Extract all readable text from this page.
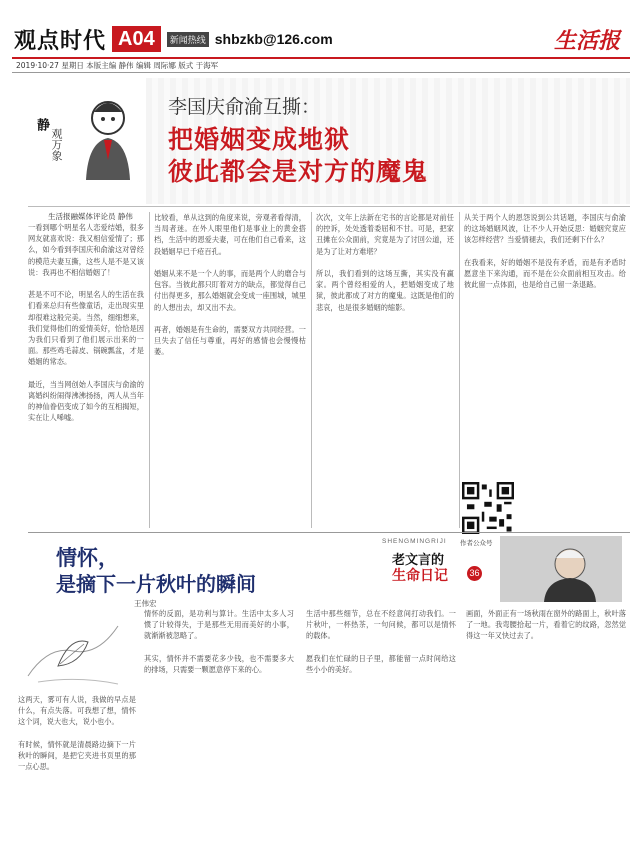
观点时代 A04	新闻热线 shbzkb@126.com	生活报
2019·10·27 星期日 本版主编 静伟 编辑 周际娜 版式 于海军
静
观万象
李国庆俞渝互撕：
把婚姻变成地狱
彼此都会是对方的魔鬼
生活报融媒体评论员 静伟
一看到哪个明星名人恋爱结婚，很多网友就喜欢说：我又相信爱情了；那么，如今看到李国庆和俞渝这对曾经的模范夫妻互撕，这些人是不是又该说：我再也不相信婚姻了！

甚是不可不论，明星名人的生活在我们看来总归有些像童话，走出现实里却很难这般完美。当然，细细想来，我们觉得他们的爱情美好，恰恰是因为我们只看到了他们展示出来的一面。那些鸡毛蒜皮、锅碗瓢盆，才是婚姻的常态。

最近，当当网创始人李国庆与俞渝的离婚纠纷闹得沸沸扬扬，两人从当年的神仙眷侣变成了如今的互相揭短，实在让人唏嘘。
比较看，单从这到的角度来说，旁观者看得清，当局者迷。在外人眼里他们是事业上的黄金搭档，生活中的恩爱夫妻，可在他们自己看来，这段婚姻早已千疮百孔。

婚姻从来不是一个人的事，而是两个人的磨合与包容。当彼此都只盯着对方的缺点，都觉得自己付出得更多，那么婚姻就会变成一座围城，城里的人想出去，却又出不去。

再者，婚姻是有生命的，需要双方共同经营。一旦失去了信任与尊重，再好的感情也会慢慢枯萎。
次次，文年上法新在宅书的言论都是对前任的控诉，处处透着委屈和不甘。可是，把家丑摊在公众面前，究竟是为了讨回公道，还是为了让对方难堪？

所以，我们看到的这场互撕，其实没有赢家。两个曾经相爱的人，把婚姻变成了地狱，彼此都成了对方的魔鬼。这既是他们的悲哀，也是很多婚姻的缩影。
从关于两个人的恩怨说到公共话题，李国庆与俞渝的这场婚姻风波，让不少人开始反思：婚姻究竟应该怎样经营？当爱情褪去，我们还剩下什么？

在我看来，好的婚姻不是没有矛盾，而是有矛盾时愿意坐下来沟通，而不是在公众面前相互攻击。给彼此留一点体面，也是给自己留一条退路。
作者公众号
情怀，
是摘下一片秋叶的瞬间
王伟宏
SHENGMINGRIJI
老文言的
生命日记 36
这两天，雾可有人说，我做的早点是什么，有点失落。可我想了想，情怀这个词，说大也大，说小也小。

有时候，情怀就是清晨路边摘下一片秋叶的瞬间，是把它夹进书页里的那一点心思。
情怀的反面，是功利与算计。生活中太多人习惯了计较得失，于是那些无用而美好的小事，就渐渐被忽略了。

其实，情怀并不需要花多少钱，也不需要多大的排场，只需要一颗愿意停下来的心。
生活中那些细节，总在不经意间打动我们。一片秋叶，一杯热茶，一句问候，都可以是情怀的载体。

愿我们在忙碌的日子里，都能留一点时间给这些小小的美好。
画面，外面正有一场秋雨在窗外的路面上，秋叶落了一地。我弯腰拾起一片，看着它的纹路，忽然觉得这一年又快过去了。
